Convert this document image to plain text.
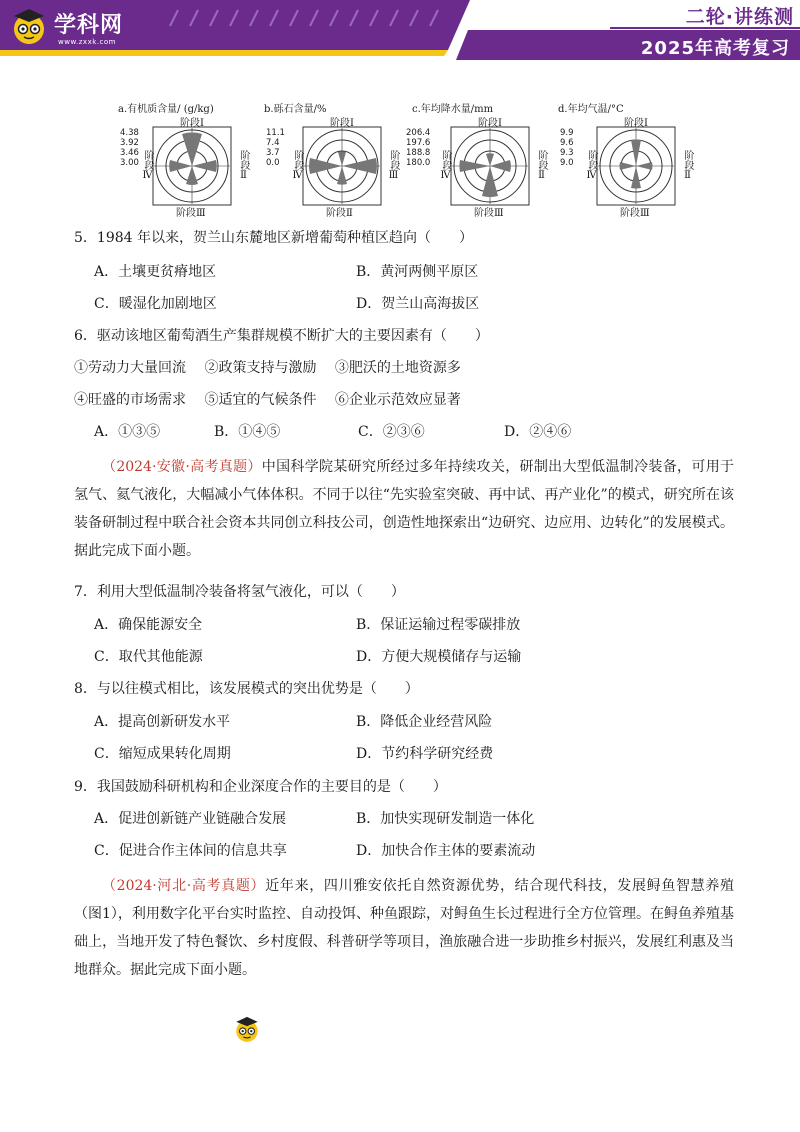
学科网
www.zxxk.com
二轮·讲练测
2025年高考复习
a.有机质含量/ (g/kg)
4.38
3.92
3.46
3.00
阶段Ⅰ
阶段Ⅱ
阶段Ⅲ
阶段Ⅳ
b.砾石含量/%
11.1
7.4
3.7
0.0
阶段Ⅰ
阶段Ⅲ
阶段Ⅱ
阶段Ⅳ
c.年均降水量/mm
206.4
197.6
188.8
180.0
阶段Ⅰ
阶段Ⅱ
阶段Ⅲ
阶段Ⅳ
d.年均气温/°C
9.9
9.6
9.3
9.0
阶段Ⅰ
阶段Ⅱ
阶段Ⅲ
阶段Ⅳ
5．1984 年以来，贺兰山东麓地区新增葡萄种植区趋向（　　）
A．土壤更贫瘠地区	B．黄河两侧平原区
C．暖湿化加剧地区	D．贺兰山高海拔区
6．驱动该地区葡萄酒生产集群规模不断扩大的主要因素有（　　）
①劳动力大量回流　 ②政策支持与激励　 ③肥沃的土地资源多
④旺盛的市场需求　 ⑤适宜的气候条件　 ⑥企业示范效应显著
A．①③⑤	B．①④⑤	C．②③⑥	D．②④⑥
（2024·安徽·高考真题）中国科学院某研究所经过多年持续攻关，研制出大型低温制冷装备，可用于氢气、氦气液化，大幅减小气体体积。不同于以往“先实验室突破、再中试、再产业化”的模式，研究所在该装备研制过程中联合社会资本共同创立科技公司，创造性地探索出“边研究、边应用、边转化”的发展模式。据此完成下面小题。
7．利用大型低温制冷装备将氢气液化，可以（　　）
A．确保能源安全	B．保证运输过程零碳排放
C．取代其他能源	D．方便大规模储存与运输
8．与以往模式相比，该发展模式的突出优势是（　　）
A．提高创新研发水平	B．降低企业经营风险
C．缩短成果转化周期	D．节约科学研究经费
9．我国鼓励科研机构和企业深度合作的主要目的是（　　）
A．促进创新链产业链融合发展	B．加快实现研发制造一体化
C．促进合作主体间的信息共享	D．加快合作主体的要素流动
（2024·河北·高考真题）近年来，四川雅安依托自然资源优势，结合现代科技，发展鲟鱼智慧养殖（图1），利用数字化平台实时监控、自动投饵、种鱼跟踪，对鲟鱼生长过程进行全方位管理。在鲟鱼养殖基础上，当地开发了特色餐饮、乡村度假、科普研学等项目，渔旅融合进一步助推乡村振兴，发展红利惠及当地群众。据此完成下面小题。
